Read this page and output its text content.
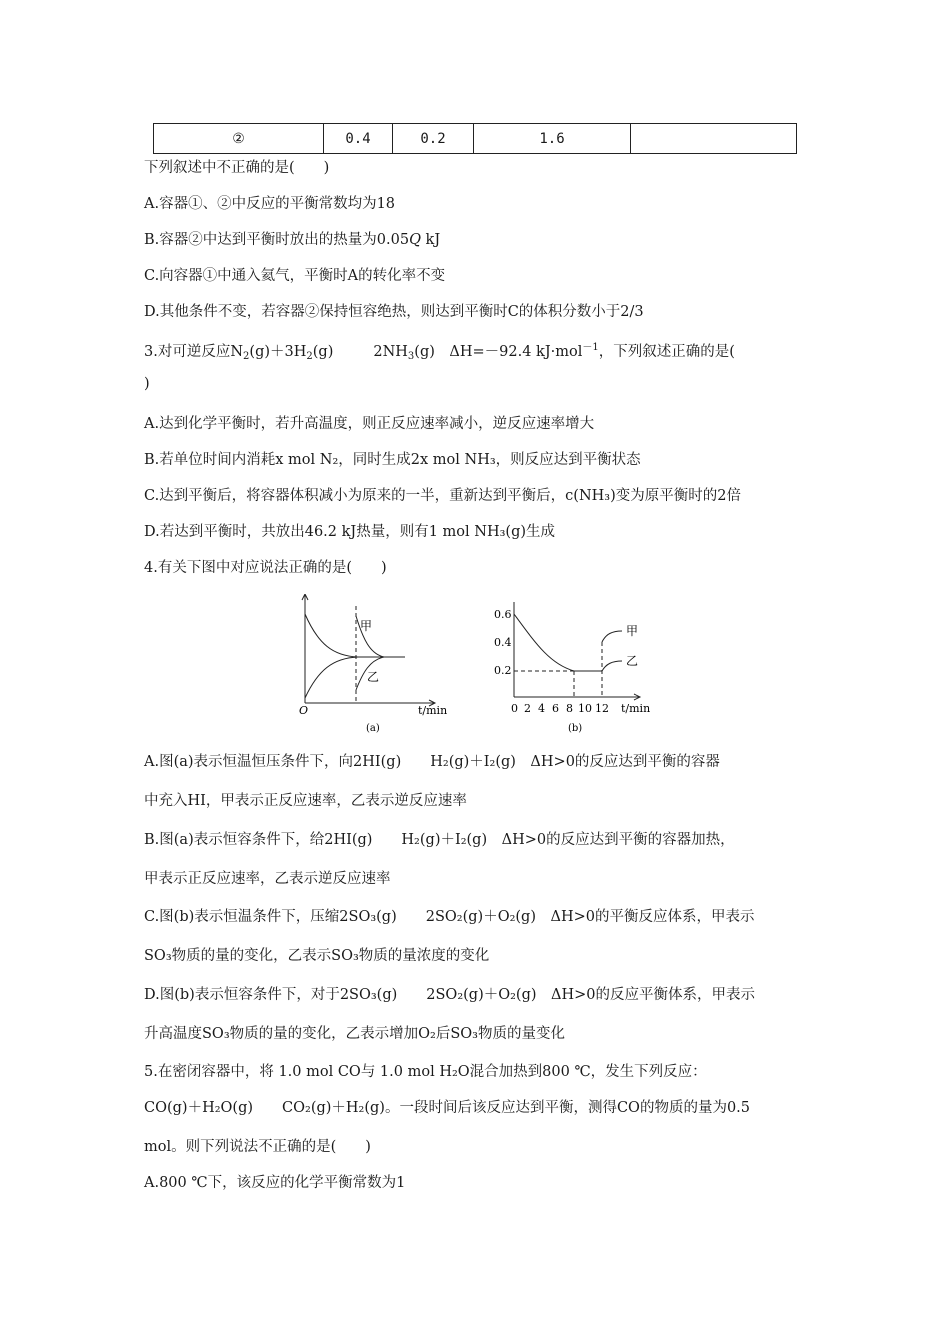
②	0.4	0.2	1.6	
下列叙述中不正确的是(　　)
A.容器①、②中反应的平衡常数均为18
B.容器②中达到平衡时放出的热量为0.05Q kJ
C.向容器①中通入氦气，平衡时A的转化率不变
D.其他条件不变，若容器②保持恒容绝热，则达到平衡时C的体积分数小于2/3
3.对可逆反应$N_2(g)+3H_2(g)$	$2NH_3(g)$　ΔH=－92.4 kJ·mol$^{-1}$，下列叙述正确的是(
)
A.达到化学平衡时，若升高温度，则正反应速率减小，逆反应速率增大
B.若单位时间内消耗x mol N₂，同时生成2x mol NH₃，则反应达到平衡状态
C.达到平衡后，将容器体积减小为原来的一半，重新达到平衡后，c(NH₃)变为原平衡时的2倍
D.若达到平衡时，共放出46.2 kJ热量，则有1 mol NH₃(g)生成
4.有关下图中对应说法正确的是(　　)
甲
乙
O	t/min
(a)
0.6
0.4
0.2
0 2 4 6 8 10 12 t/min
甲
乙
(b)
A.图(a)表示恒温恒压条件下，向2HI(g)　　H₂(g)＋I₂(g)　ΔH>0的反应达到平衡的容器
中充入HI，甲表示正反应速率，乙表示逆反应速率
B.图(a)表示恒容条件下，给2HI(g)　　H₂(g)＋I₂(g)　ΔH>0的反应达到平衡的容器加热，
甲表示正反应速率，乙表示逆反应速率
C.图(b)表示恒温条件下，压缩2SO₃(g)　　2SO₂(g)＋O₂(g)　ΔH>0的平衡反应体系，甲表示
SO₃物质的量的变化，乙表示SO₃物质的量浓度的变化
D.图(b)表示恒容条件下，对于2SO₃(g)　　2SO₂(g)＋O₂(g)　ΔH>0的反应平衡体系，甲表示
升高温度SO₃物质的量的变化，乙表示增加O₂后SO₃物质的量变化
5.在密闭容器中，将 1.0 mol CO与 1.0 mol H₂O混合加热到800 ℃，发生下列反应：
CO(g)＋H₂O(g)　　CO₂(g)＋H₂(g)。一段时间后该反应达到平衡，测得CO的物质的量为0.5
mol。则下列说法不正确的是(　　)
A.800 ℃下，该反应的化学平衡常数为1
